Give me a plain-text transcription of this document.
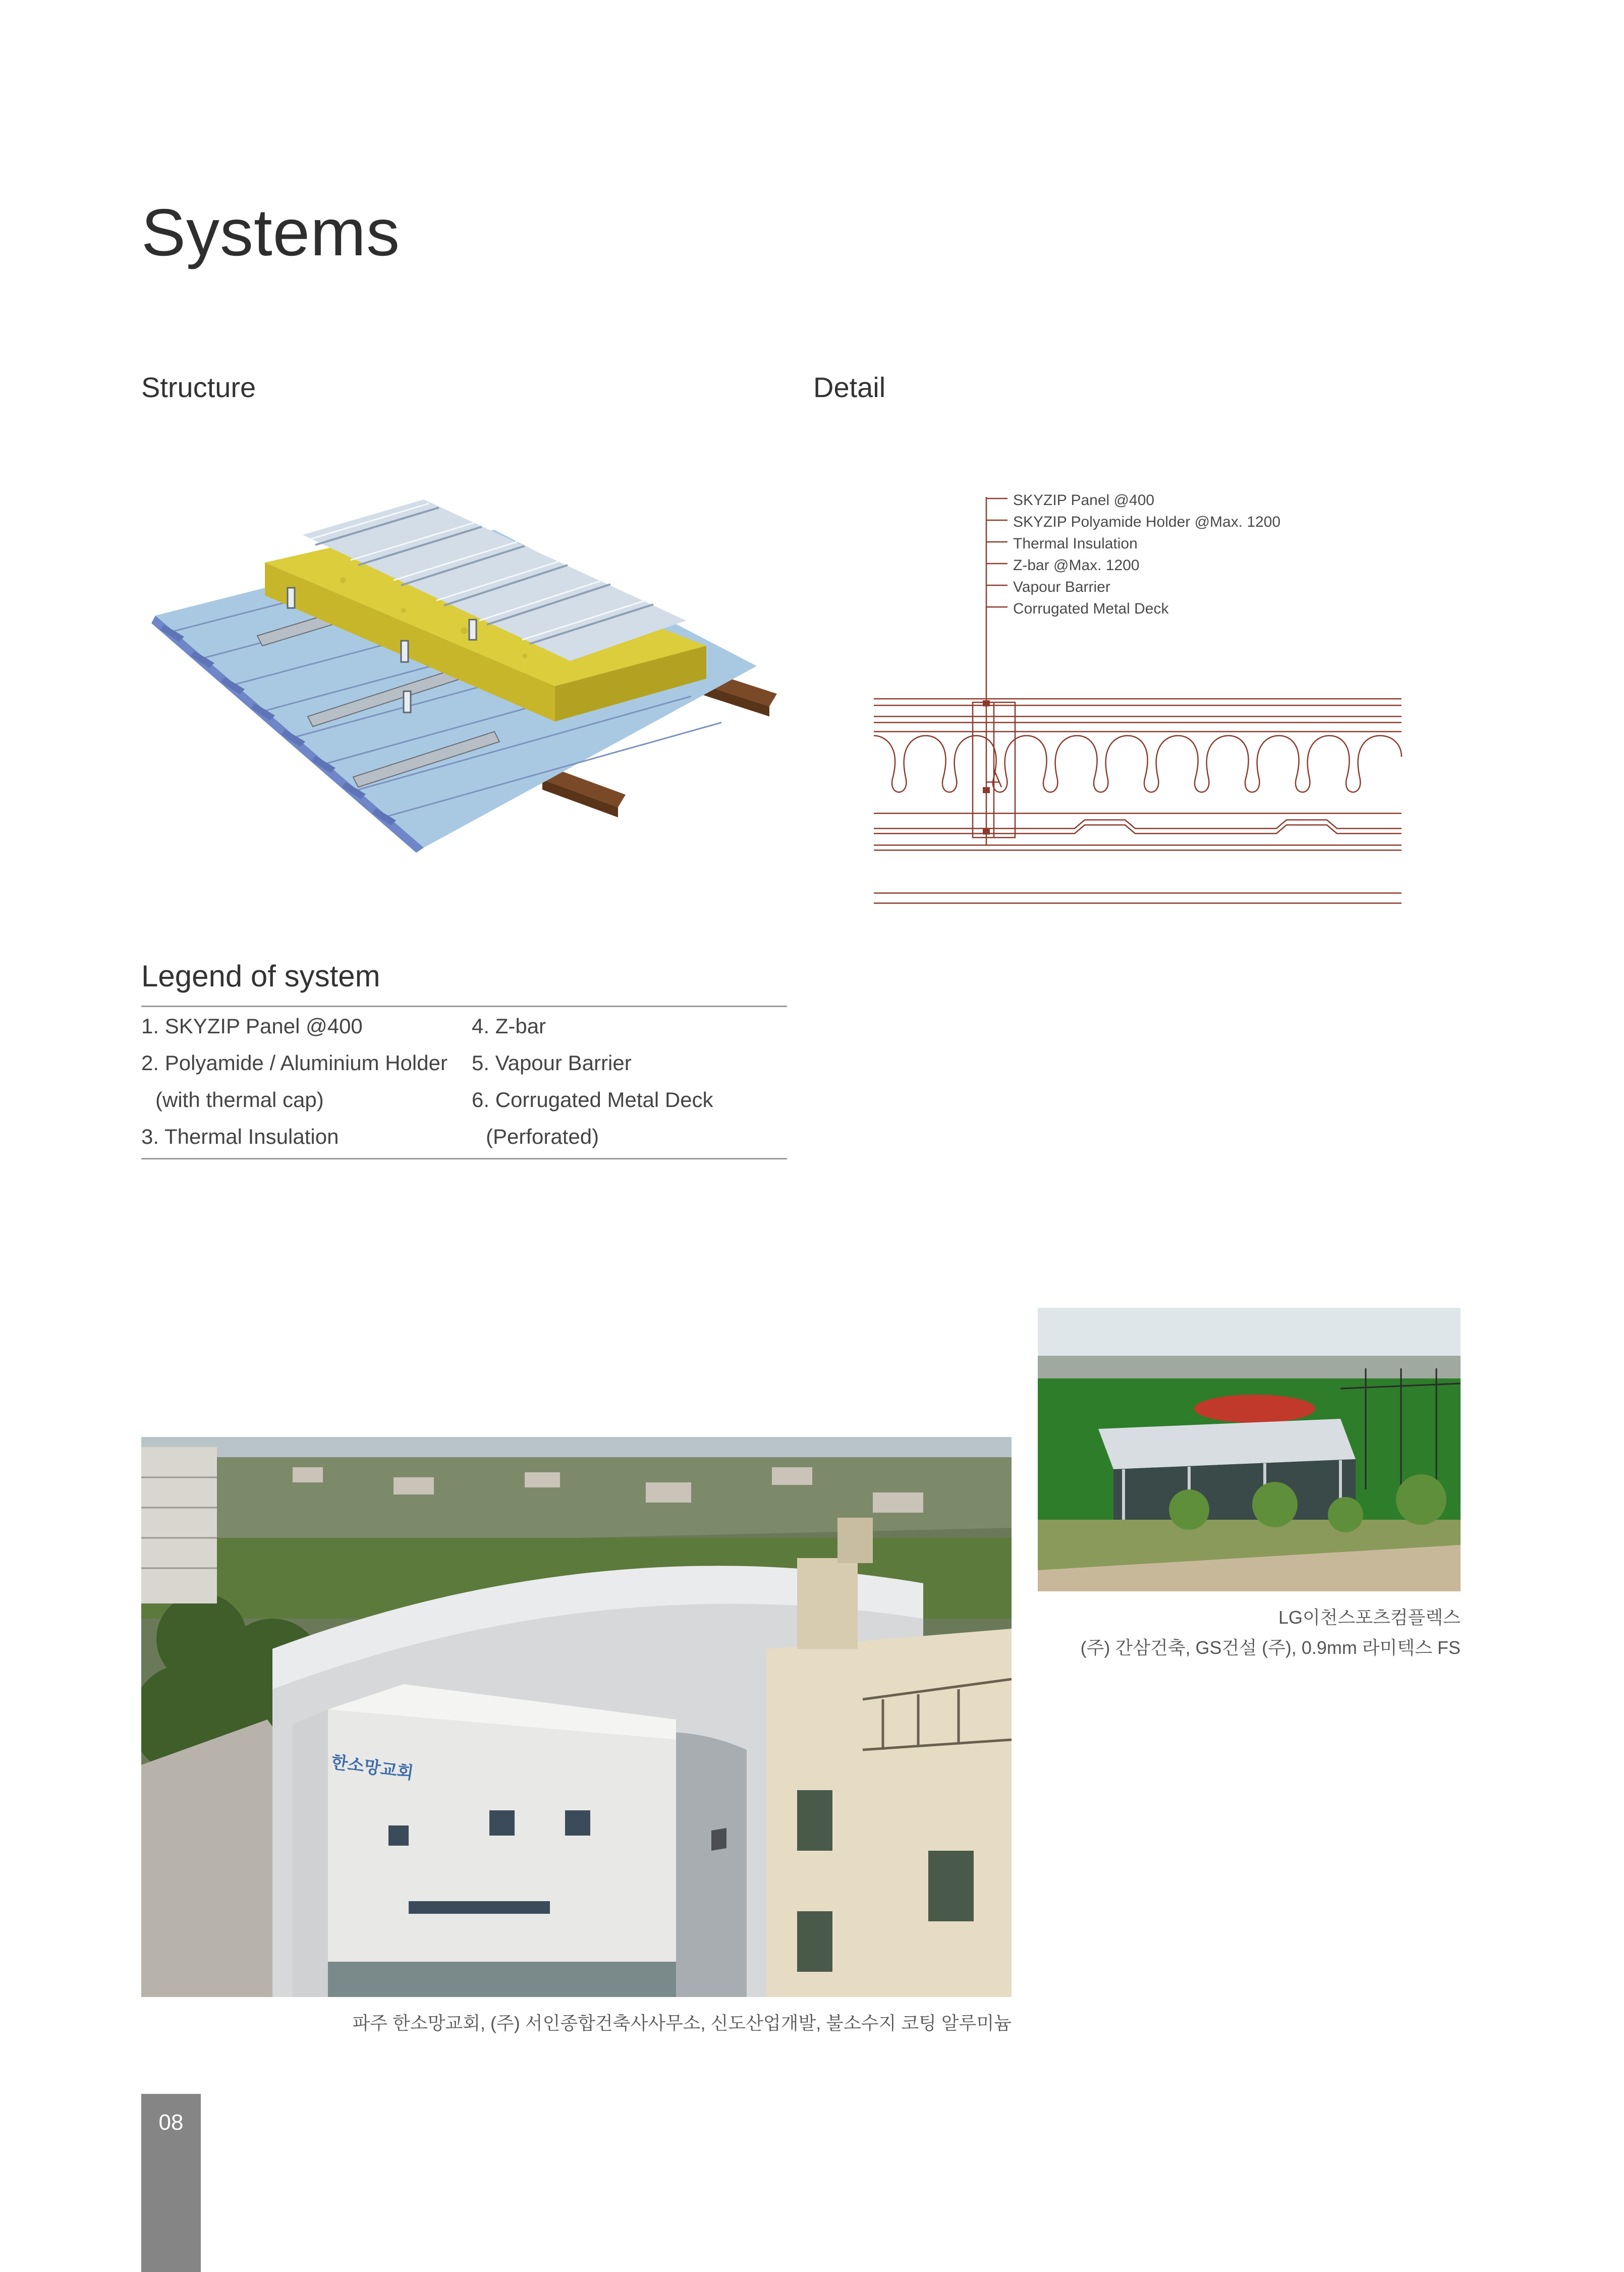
Systems
Structure	Detail
SKYZIP Panel @400
SKYZIP Polyamide Holder @Max. 1200
Thermal Insulation
Z-bar @Max. 1200
Vapour Barrier
Corrugated Metal Deck
Legend of system
1. SKYZIP Panel @400
2. Polyamide / Aluminium Holder
(with thermal cap)
3. Thermal Insulation
4. Z-bar
5. Vapour Barrier
6. Corrugated Metal Deck
(Perforated)
LG이천스포츠컴플렉스
(주) 간삼건축, GS건설 (주), 0.9mm 라미텍스 FS
한소망교회
파주 한소망교회, (주) 서인종합건축사사무소, 신도산업개발, 불소수지 코팅 알루미늄
08
